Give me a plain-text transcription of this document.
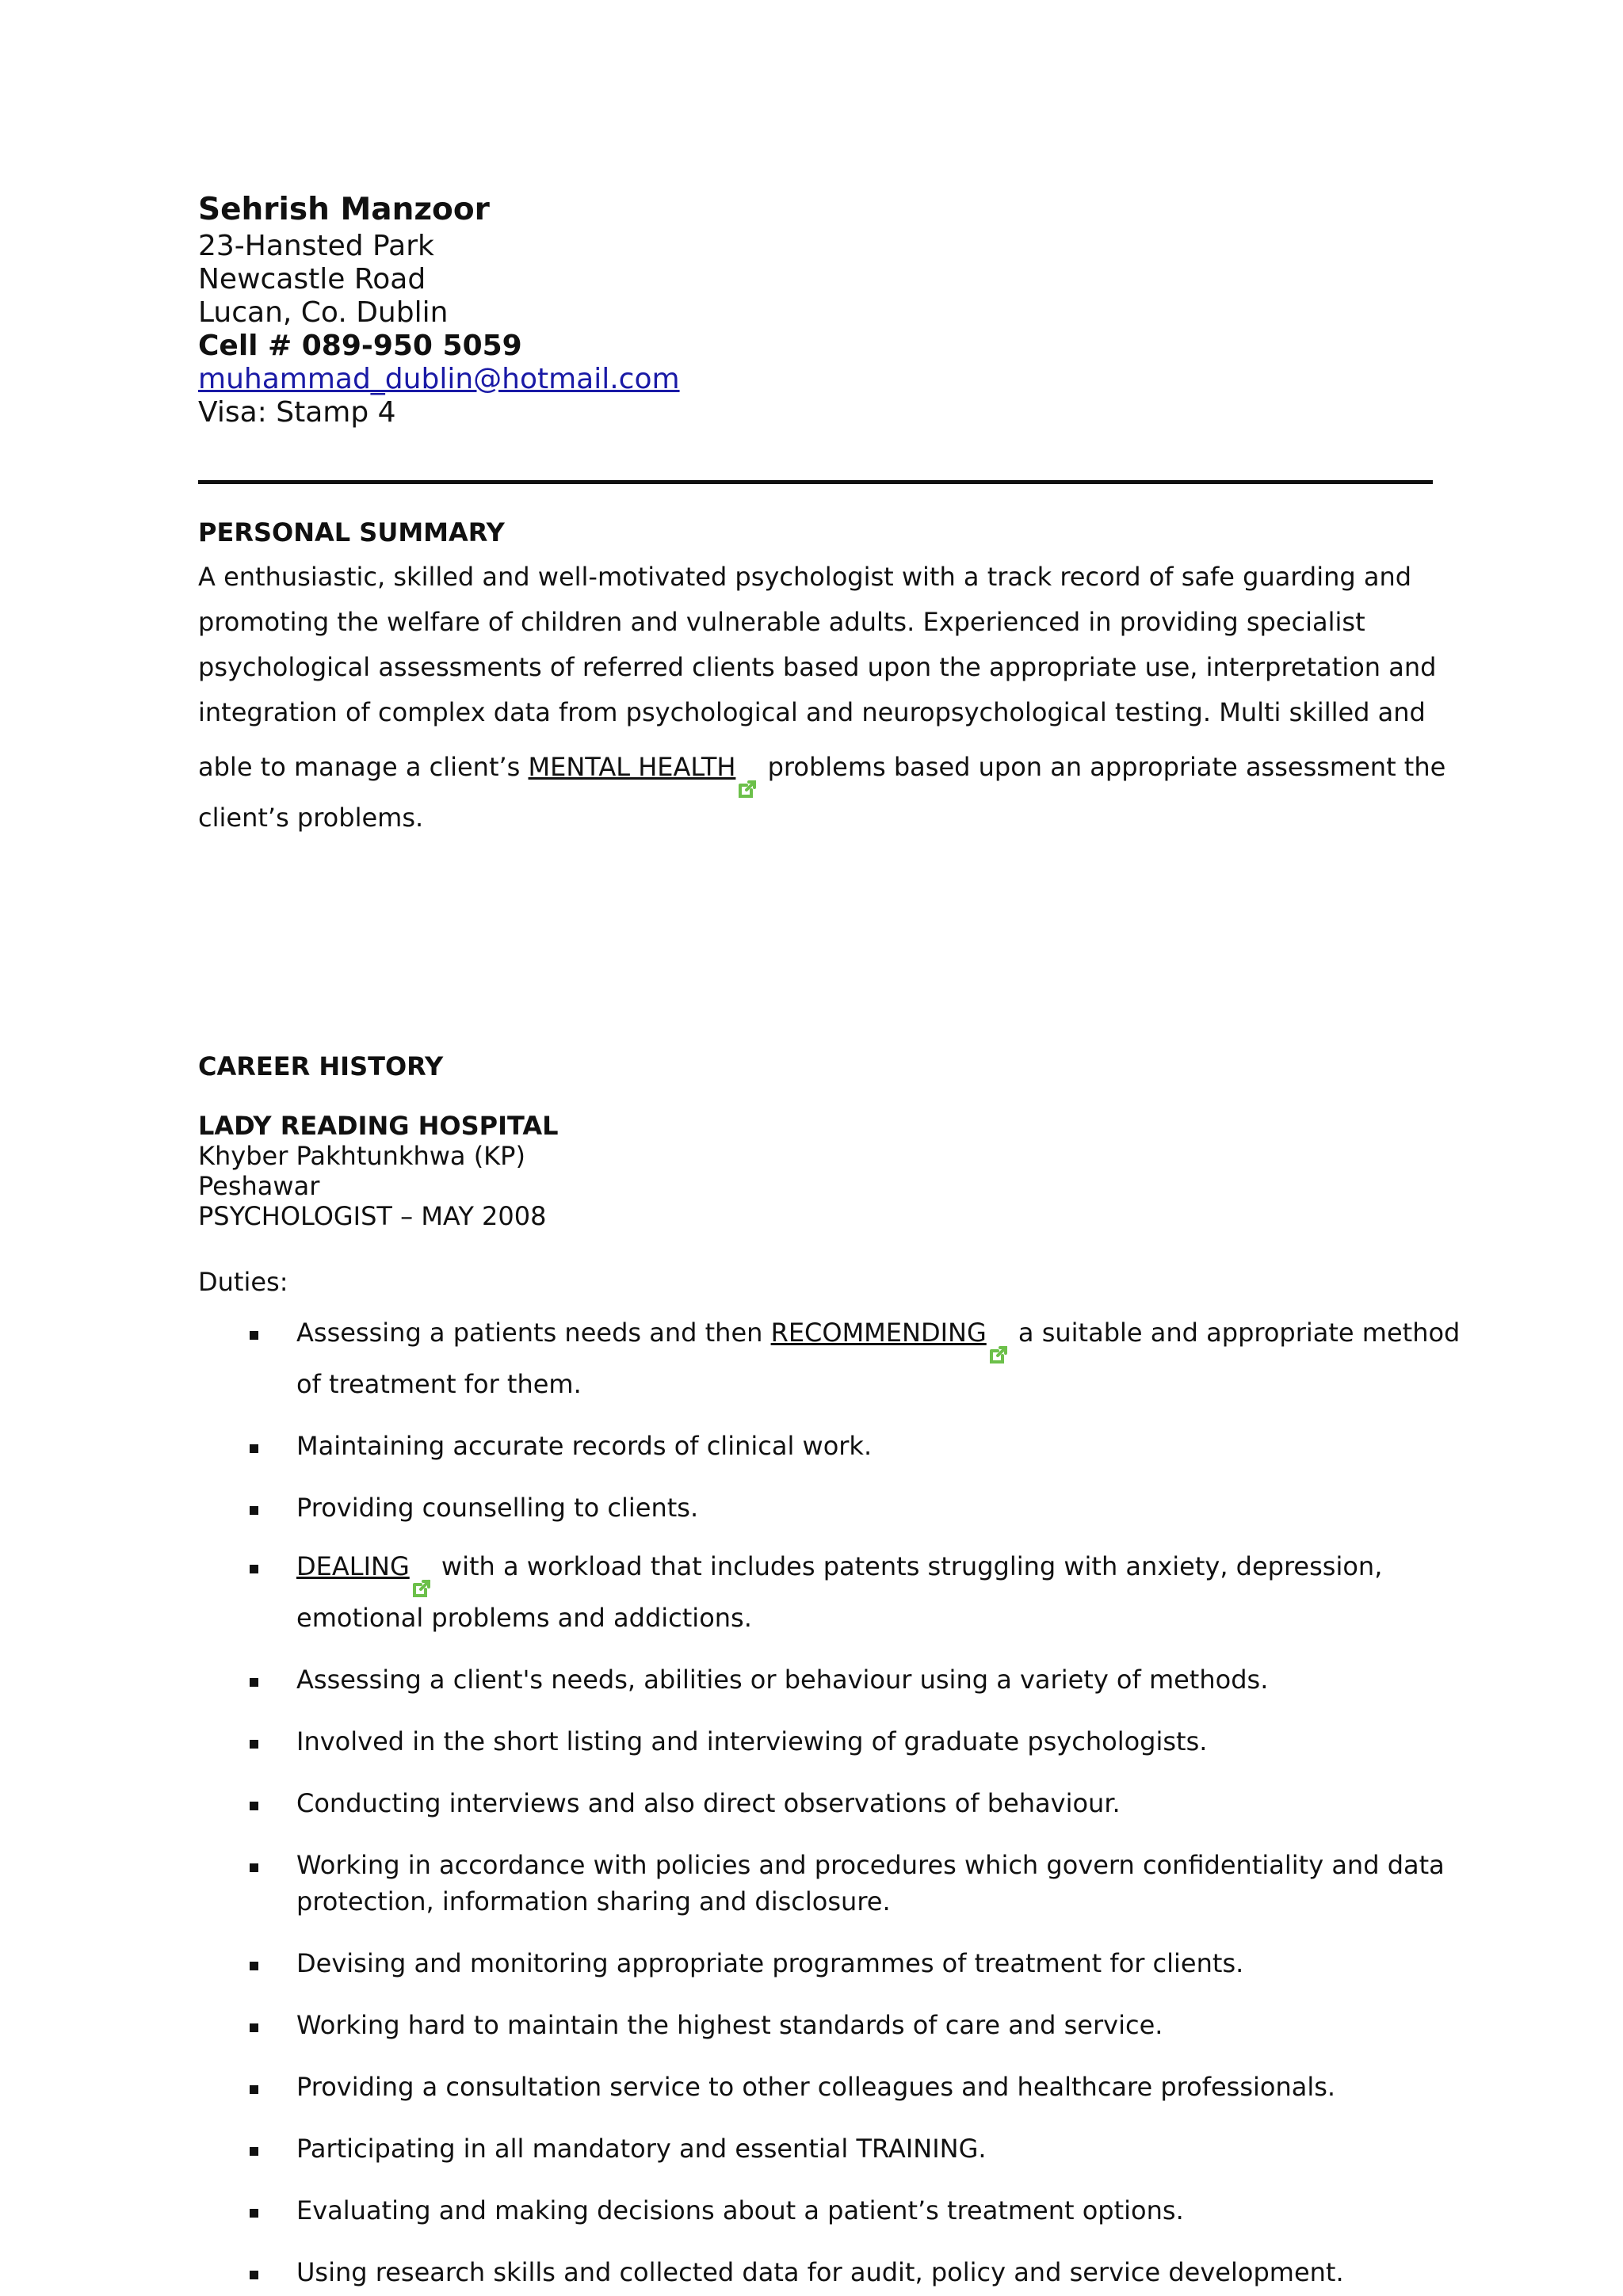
Sehrish Manzoor

23-Hansted Park

Newcastle Road

Lucan, Co. Dublin

Cell # 089-950 5059

muhammad_dublin@hotmail.com

Visa: Stamp 4

PERSONAL SUMMARY

A enthusiastic, skilled and well-motivated psychologist with a track record of safe guarding and

promoting the welfare of children and vulnerable adults. Experienced in providing specialist

psychological assessments of referred clients based upon the appropriate use, interpretation and

integration of complex data from psychological and neuropsychological testing. Multi skilled and

able to manage a client’s MENTAL HEALTH
problems based upon an appropriate assessment the

client’s problems.

CAREER HISTORY

LADY READING HOSPITAL

Khyber Pakhtunkhwa (KP)

Peshawar

PSYCHOLOGIST – MAY 2008

Duties:

Assessing a patients needs and then RECOMMENDING
a suitable and appropriate method
of treatment for them.
Maintaining accurate records of clinical work.
Providing counselling to clients.
DEALING
with a workload that includes patents struggling with anxiety, depression,
emotional problems and addictions.
Assessing a client's needs, abilities or behaviour using a variety of methods.
Involved in the short listing and interviewing of graduate psychologists.
Conducting interviews and also direct observations of behaviour.
Working in accordance with policies and procedures which govern confidentiality and data
protection, information sharing and disclosure.
Devising and monitoring appropriate programmes of treatment for clients.
Working hard to maintain the highest standards of care and service.
Providing a consultation service to other colleagues and healthcare professionals.
Participating in all mandatory and essential TRAINING.
Evaluating and making decisions about a patient’s treatment options.
Using research skills and collected data for audit, policy and service development.
